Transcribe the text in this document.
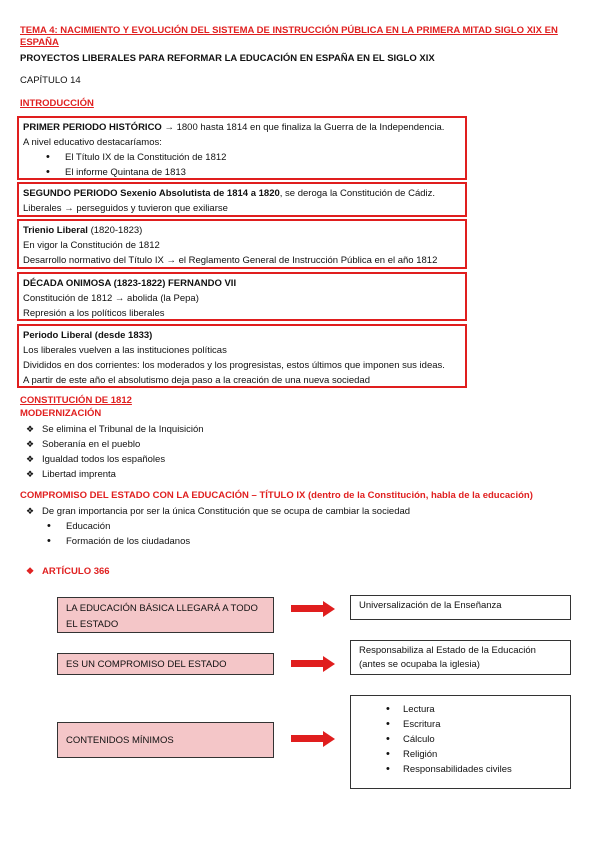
TEMA 4: NACIMIENTO Y EVOLUCIÓN DEL SISTEMA DE INSTRUCCIÓN PÚBLICA EN LA PRIMERA MITAD SIGLO XIX EN
ESPAÑA
PROYECTOS LIBERALES PARA REFORMAR LA EDUCACIÓN EN ESPAÑA EN EL SIGLO XIX
CAPÍTULO 14
INTRODUCCIÓN
PRIMER PERIODO HISTÓRICO → 1800 hasta 1814 en que finaliza la Guerra de la Independencia.
A nivel educativo destacaríamos:
• El Título IX de la Constitución de 1812
• El informe Quintana de 1813
SEGUNDO PERIODO Sexenio Absolutista de 1814 a 1820, se deroga la Constitución de Cádiz.
Liberales → perseguidos y tuvieron que exiliarse
Trienio Liberal (1820-1823)
En vigor la Constitución de 1812
Desarrollo normativo del Título IX → el Reglamento General de Instrucción Pública en el año 1812
DÉCADA ONIMOSA (1823-1822) FERNANDO VII
Constitución de 1812 → abolida (la Pepa)
Represión a los políticos liberales
Periodo Liberal (desde 1833)
Los liberales vuelven a las instituciones políticas
Divididos en dos corrientes: los moderados y los progresistas, estos últimos que imponen sus ideas.
A partir de este año el absolutismo deja paso a la creación de una nueva sociedad
CONSTITUCIÓN DE 1812
MODERNIZACIÓN
❖ Se elimina el Tribunal de la Inquisición
❖ Soberanía en el pueblo
❖ Igualdad todos los españoles
❖ Libertad imprenta
COMPROMISO DEL ESTADO CON LA EDUCACIÓN – TÍTULO IX (dentro de la Constitución, habla de la educación)
❖ De gran importancia por ser la única Constitución que se ocupa de cambiar la sociedad
• Educación
• Formación de los ciudadanos
❖ ARTÍCULO 366
LA EDUCACIÓN BÁSICA LLEGARÁ A TODO EL ESTADO
Universalización de la Enseñanza
ES UN COMPROMISO DEL ESTADO
Responsabiliza al Estado de la Educación (antes se ocupaba la iglesia)
CONTENIDOS MÍNIMOS
• Lectura
• Escritura
• Cálculo
• Religión
• Responsabilidades civiles
